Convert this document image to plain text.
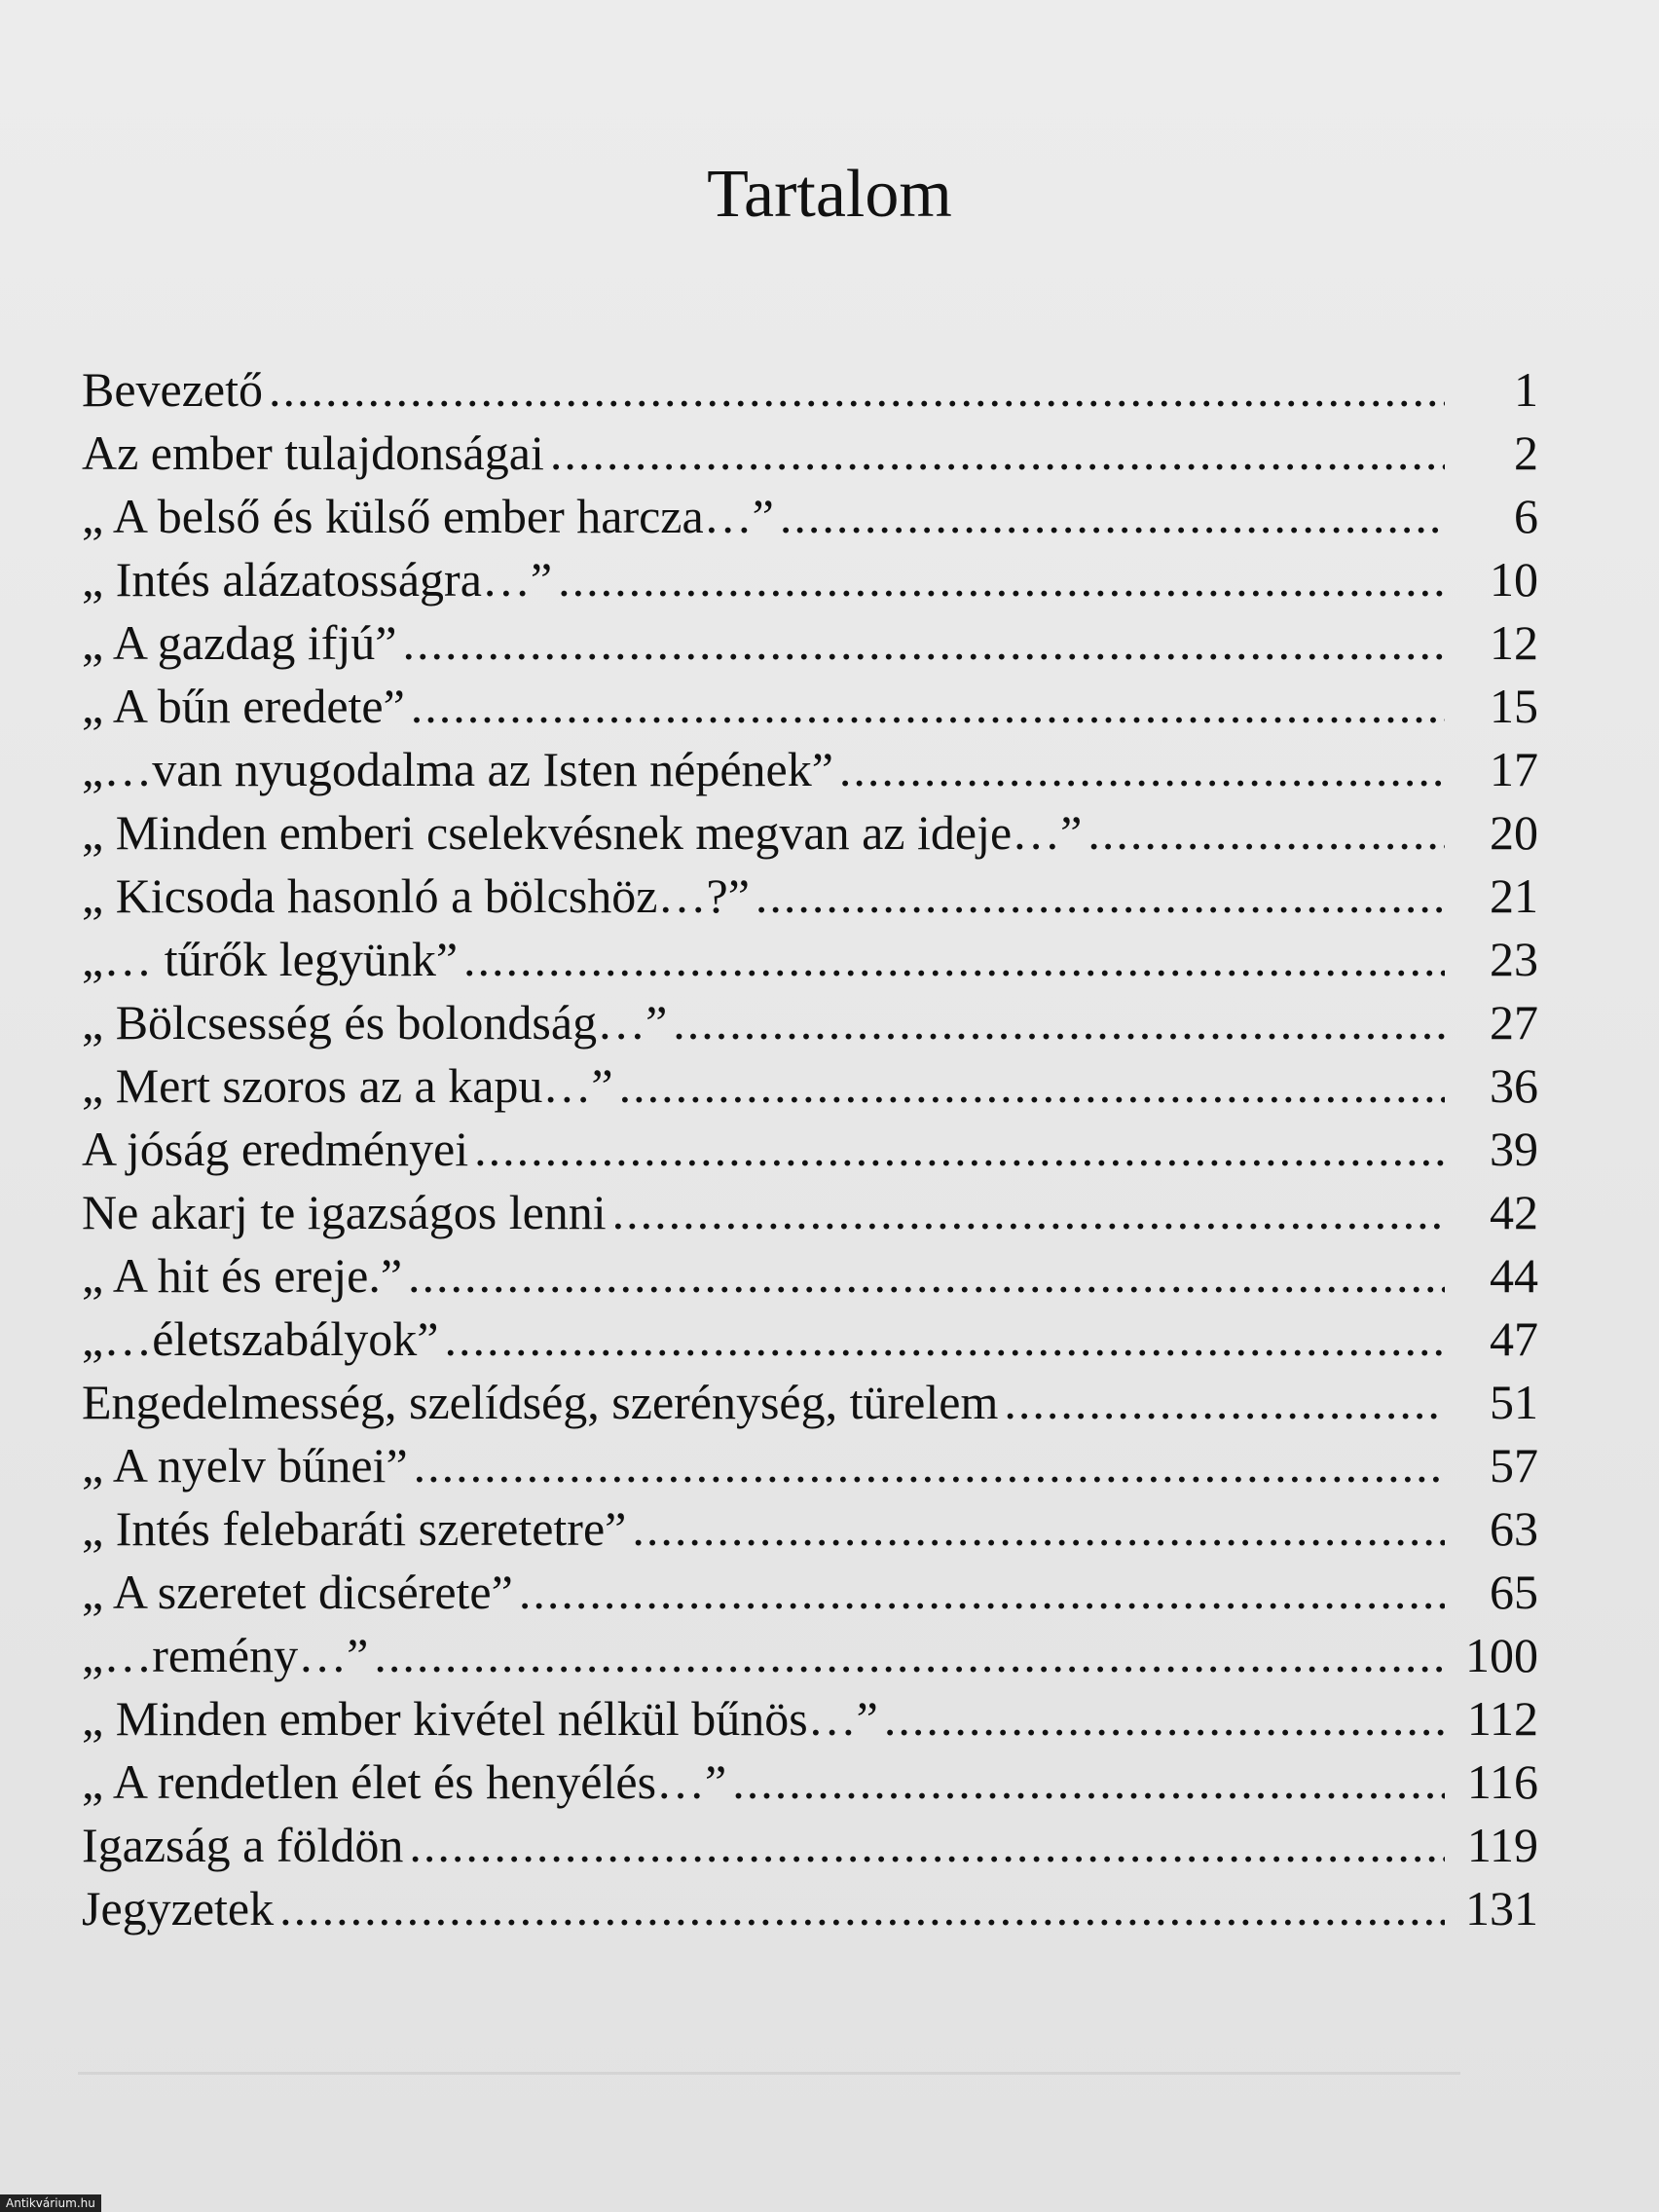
Tartalom
Bevezető .....	1
Az ember tulajdonságai .....	2
„ A belső és külső ember harcza…” .....	6
„ Intés alázatosságra…” .....	10
„ A gazdag ifjú” .....	12
„ A bűn eredete” .....	15
„…van nyugodalma az Isten népének” .....	17
„ Minden emberi cselekvésnek megvan az ideje…” .....	20
„ Kicsoda hasonló a bölcshöz…?” .....	21
„… tűrők legyünk” .....	23
„ Bölcsesség és bolondság…” .....	27
„ Mert szoros az a kapu…” .....	36
A jóság eredményei .....	39
Ne akarj te igazságos lenni .....	42
„ A hit és ereje.” .....	44
„…életszabályok” .....	47
Engedelmesség, szelídség, szerénység, türelem .....	51
„ A nyelv bűnei” .....	57
„ Intés felebaráti szeretetre” .....	63
„ A szeretet dicsérete” .....	65
„…remény…” .....	100
„ Minden ember kivétel nélkül bűnös…” .....	112
„ A rendetlen élet és henyélés…” .....	116
Igazság a földön .....	119
Jegyzetek .....	131
Antikvárium.hu
